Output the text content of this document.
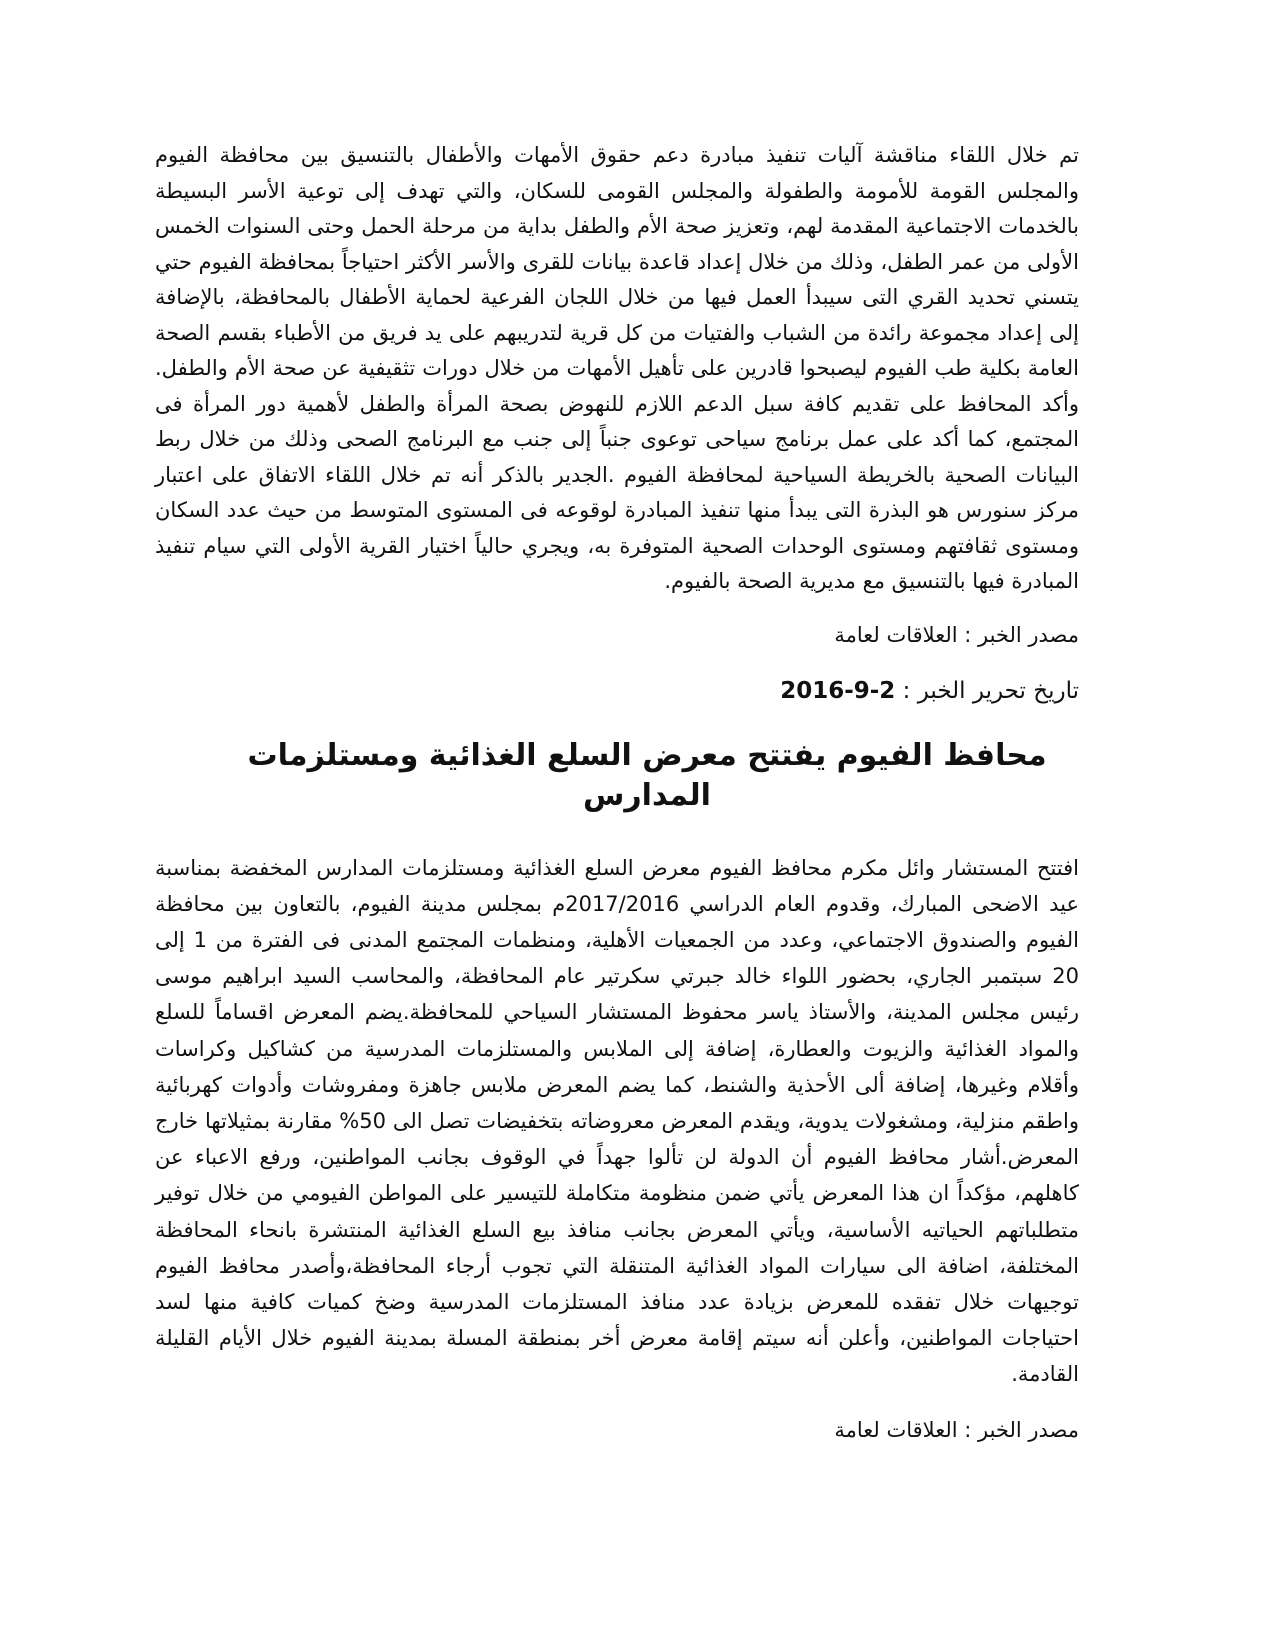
تم خلال اللقاء مناقشة آليات تنفيذ مبادرة دعم حقوق الأمهات والأطفال بالتنسيق بين محافظة الفيوم والمجلس القومة للأمومة والطفولة والمجلس القومى للسكان، والتي تهدف إلى توعية الأسر البسيطة بالخدمات الاجتماعية المقدمة لهم، وتعزيز صحة الأم والطفل بداية من مرحلة الحمل وحتى السنوات الخمس الأولى من عمر الطفل، وذلك من خلال إعداد قاعدة بيانات للقرى والأسر الأكثر احتياجاً بمحافظة الفيوم حتي يتسني تحديد القري التى سيبدأ العمل فيها من خلال اللجان الفرعية لحماية الأطفال بالمحافظة، بالإضافة إلى إعداد مجموعة رائدة من الشباب والفتيات من كل قرية لتدريبهم على يد فريق من الأطباء بقسم الصحة العامة بكلية طب الفيوم ليصبحوا قادرين على تأهيل الأمهات من خلال دورات تثقيفية عن صحة الأم والطفل. وأكد المحافظ على تقديم كافة سبل الدعم اللازم للنهوض بصحة المرأة والطفل لأهمية دور المرأة فى المجتمع، كما أكد على عمل برنامج سياحى توعوى جنباً إلى جنب مع البرنامج الصحى وذلك من خلال ربط البيانات الصحية بالخريطة السياحية لمحافظة الفيوم .الجدير بالذكر أنه تم خلال اللقاء الاتفاق على اعتبار مركز سنورس هو البذرة التى يبدأ منها تنفيذ المبادرة لوقوعه فى المستوى المتوسط من حيث عدد السكان ومستوى ثقافتهم ومستوى الوحدات الصحية المتوفرة به، ويجري حالياً اختيار القرية الأولى التي سيام تنفيذ المبادرة فيها بالتنسيق مع مديرية الصحة بالفيوم.

مصدر الخبر : العلاقات لعامة

تاريخ تحرير الخبر : 2016-9-2

محافظ الفيوم يفتتح معرض السلع الغذائية ومستلزمات المدارس

افتتح المستشار وائل مكرم محافظ الفيوم معرض السلع الغذائية ومستلزمات المدارس المخفضة بمناسبة عيد الاضحى المبارك، وقدوم العام الدراسي 2017/2016م بمجلس مدينة الفيوم، بالتعاون بين محافظة الفيوم والصندوق الاجتماعي، وعدد من الجمعيات الأهلية، ومنظمات المجتمع المدنى فى الفترة من 1 إلى 20 سبتمبر الجاري، بحضور اللواء خالد جبرتي سكرتير عام المحافظة، والمحاسب السيد ابراهيم موسى رئيس مجلس المدينة، والأستاذ ياسر محفوظ المستشار السياحي للمحافظة.يضم المعرض اقساماً للسلع والمواد الغذائية والزيوت والعطارة، إضافة إلى الملابس والمستلزمات المدرسية من كشاكيل وكراسات وأقلام وغيرها، إضافة ألى الأحذية والشنط، كما يضم المعرض ملابس جاهزة ومفروشات وأدوات كهربائية واطقم منزلية، ومشغولات يدوية، ويقدم المعرض معروضاته بتخفيضات تصل الى 50% مقارنة بمثيلاتها خارج المعرض.أشار محافظ الفيوم أن الدولة لن تألوا جهداً في الوقوف بجانب المواطنين، ورفع الاعباء عن كاهلهم، مؤكداً ان هذا المعرض يأتي ضمن منظومة متكاملة للتيسير على المواطن الفيومي من خلال توفير متطلباتهم الحياتيه الأساسية، ويأتي المعرض بجانب منافذ بيع السلع الغذائية المنتشرة بانحاء المحافظة المختلفة، اضافة الى سيارات المواد الغذائية المتنقلة التي تجوب أرجاء المحافظة،وأصدر محافظ الفيوم توجيهات خلال تفقده للمعرض بزيادة عدد منافذ المستلزمات المدرسية وضخ كميات كافية منها لسد احتياجات المواطنين، وأعلن أنه سيتم إقامة معرض أخر بمنطقة المسلة بمدينة الفيوم خلال الأيام القليلة القادمة.

مصدر الخبر : العلاقات لعامة
